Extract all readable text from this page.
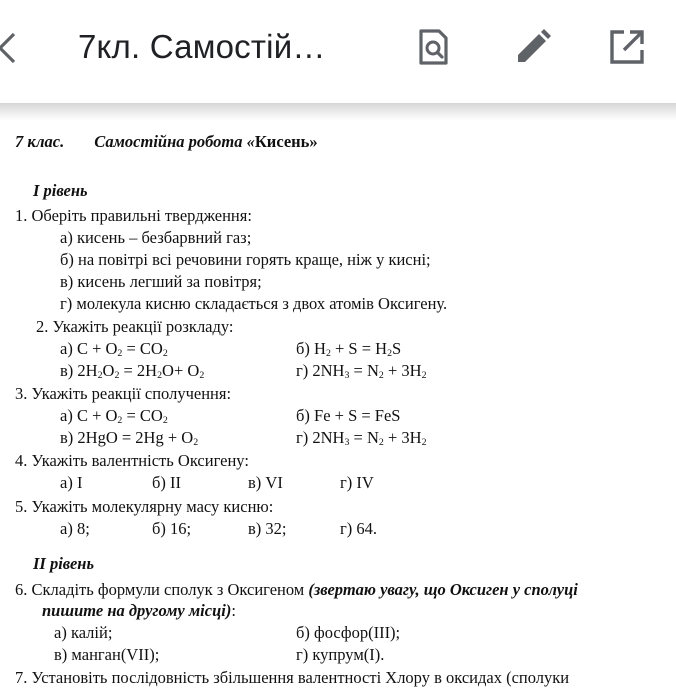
7кл. Самостій…
7 клас. Самостійна робота «Кисень»
І рівень
1. Оберіть правильні твердження:
а) кисень – безбарвний газ;
б) на повітрі всі речовини горять краще, ніж у кисні;
в) кисень легший за повітря;
г) молекула кисню складається з двох атомів Оксигену.
2. Укажіть реакції розкладу:
а) $C + O_2 = CO_2$	б) $H_2 + S = H_2S$
в) $2H_2O_2 = 2H_2O+ O_2$	г) $2NH_3 = N_2 + 3H_2$
3. Укажіть реакції сполучення:
а) $C + O_2 = CO_2$	б) Fe + S = FeS
в) $2HgO = 2Hg + O_2$	г) $2NH_3 = N_2 + 3H_2$
4. Укажіть валентність Оксигену:
а) I	б) II	в) VI	г) IV
5. Укажіть молекулярну масу кисню:
а) 8;	б) 16;	в) 32;	г) 64.
ІІ рівень
6. Складіть формули сполук з Оксигеном (звертаю увагу, що Оксиген у сполуці
пишите на другому місці):
а) калій;	б) фосфор(III);
в) манган(VII);	г) купрум(І).
7. Установіть послідовність збільшення валентності Хлору в оксидах (сполуки
